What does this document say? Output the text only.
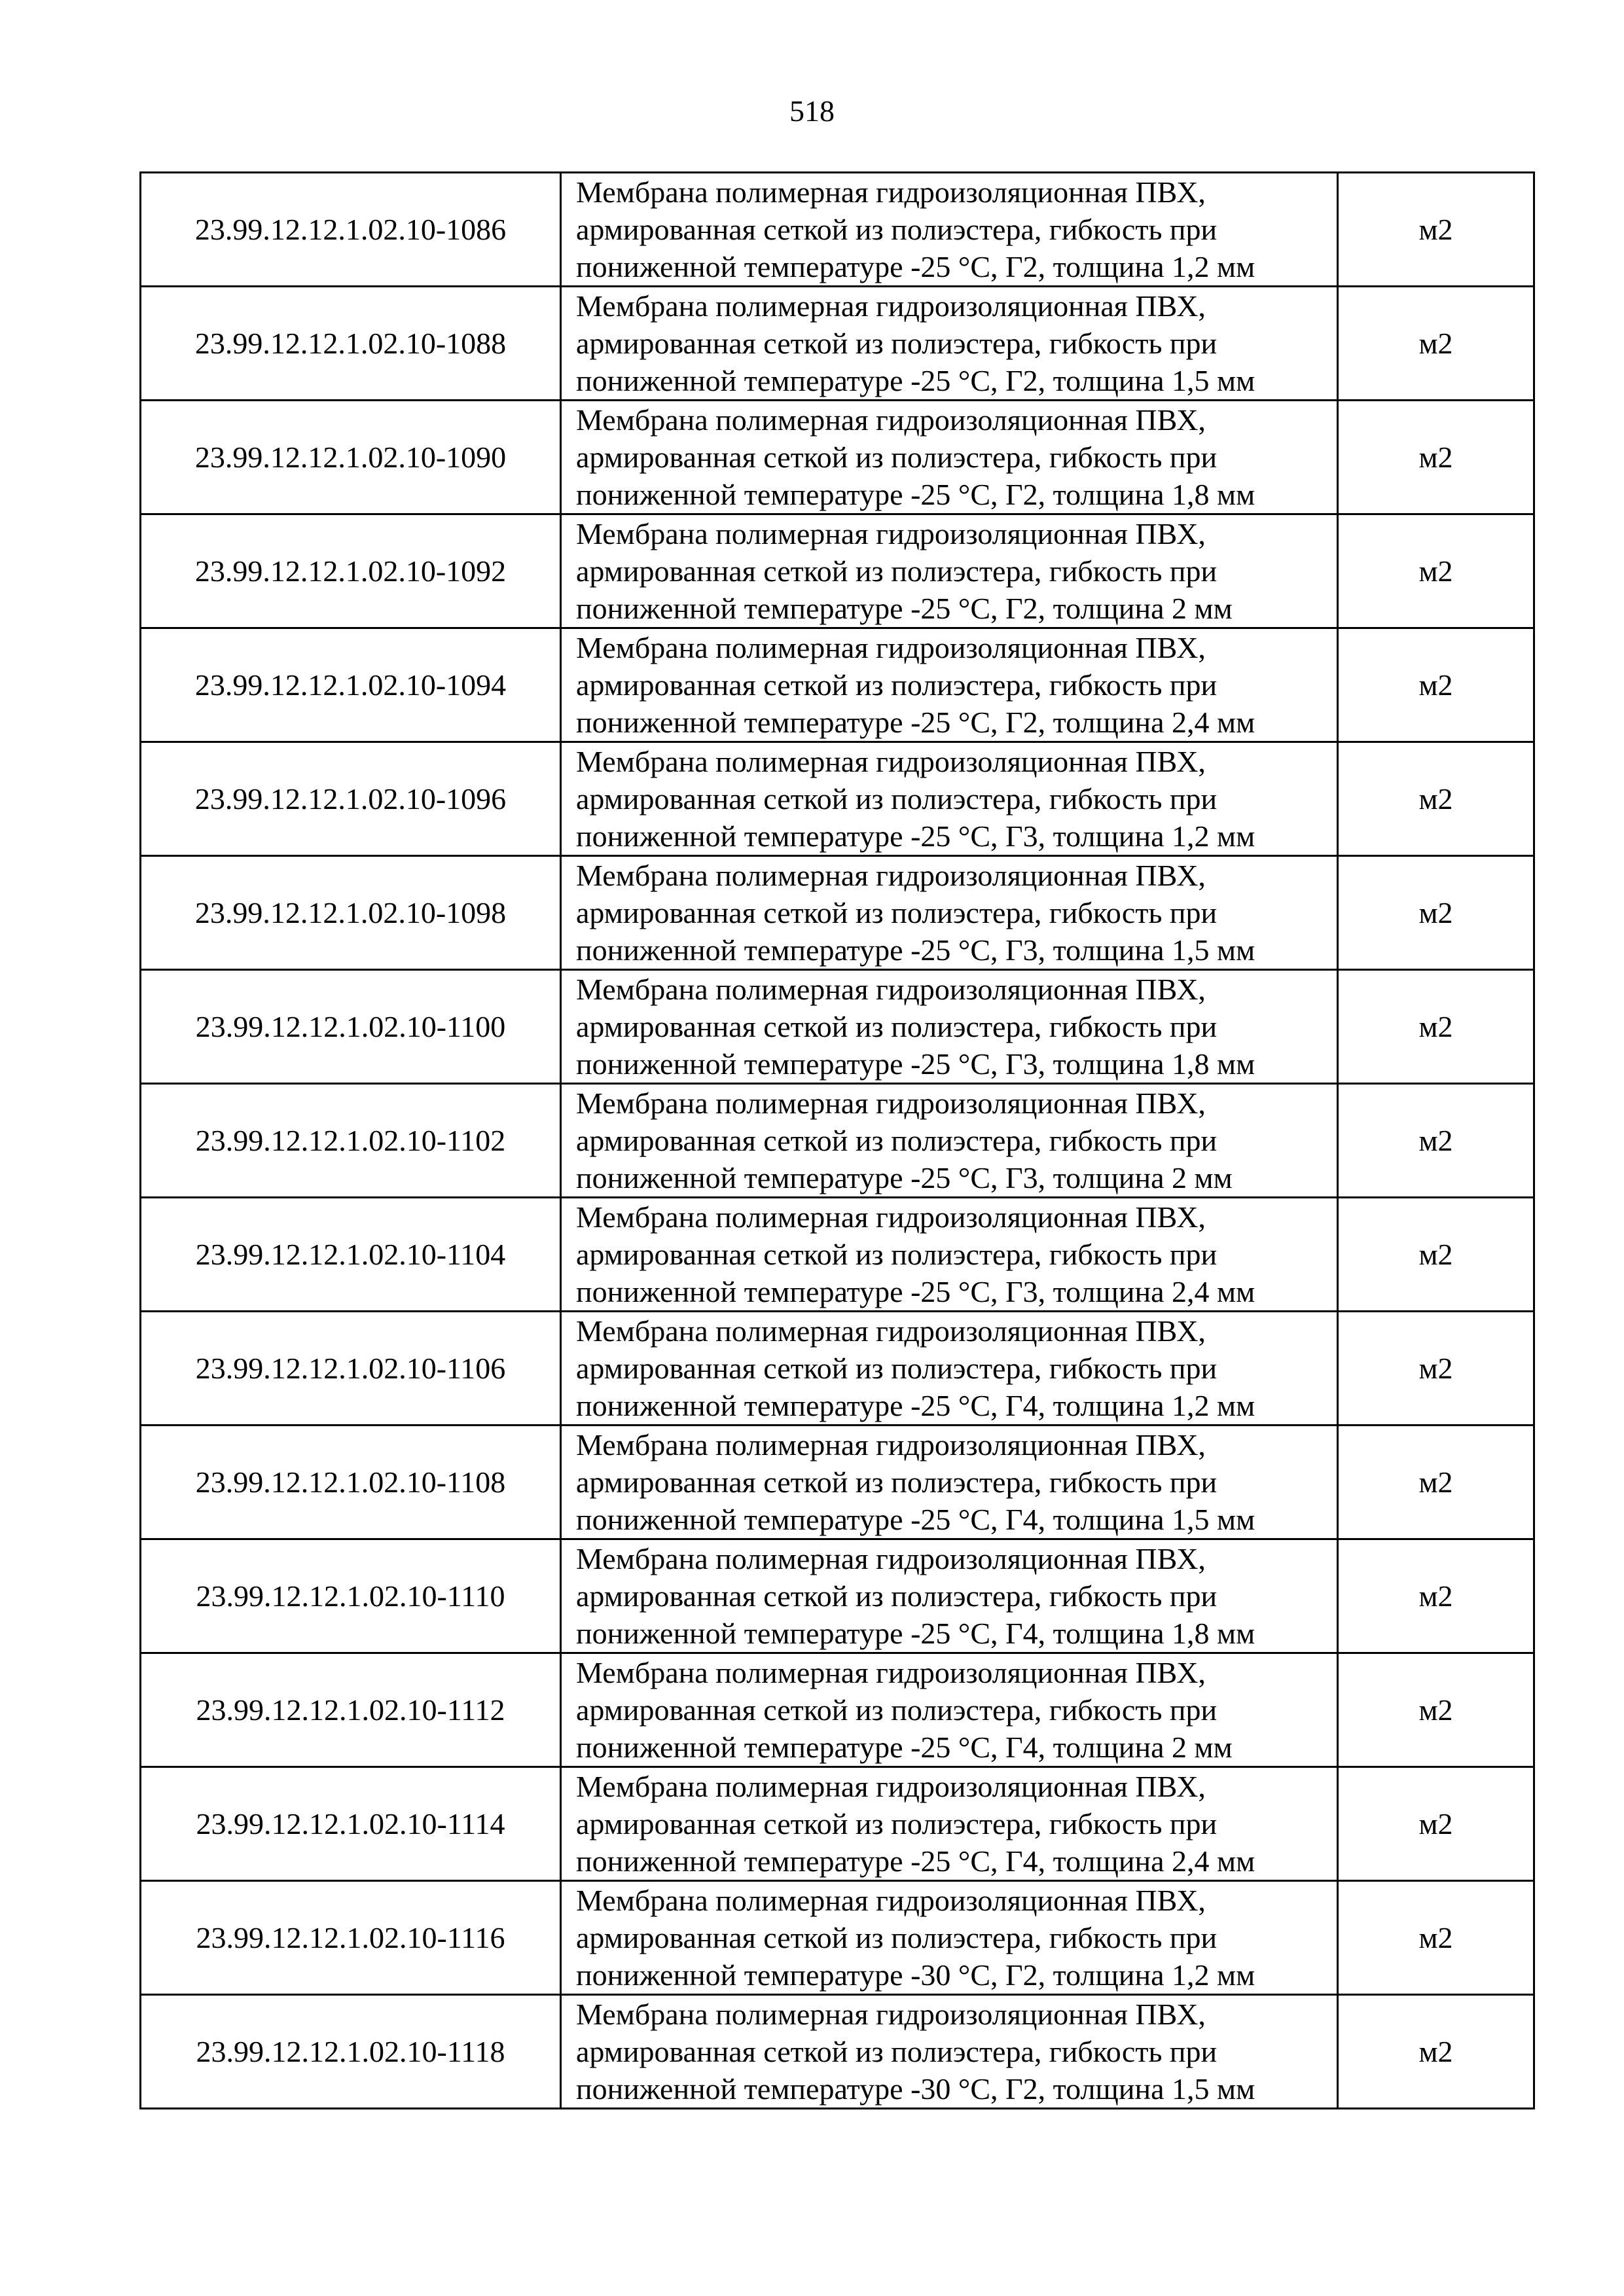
518
23.99.12.12.1.02.10-1086	Мембрана полимерная гидроизоляционная ПВХ,
армированная сеткой из полиэстера, гибкость при
пониженной температуре -25 °С, Г2, толщина 1,2 мм	м2
23.99.12.12.1.02.10-1088	Мембрана полимерная гидроизоляционная ПВХ,
армированная сеткой из полиэстера, гибкость при
пониженной температуре -25 °С, Г2, толщина 1,5 мм	м2
23.99.12.12.1.02.10-1090	Мембрана полимерная гидроизоляционная ПВХ,
армированная сеткой из полиэстера, гибкость при
пониженной температуре -25 °С, Г2, толщина 1,8 мм	м2
23.99.12.12.1.02.10-1092	Мембрана полимерная гидроизоляционная ПВХ,
армированная сеткой из полиэстера, гибкость при
пониженной температуре -25 °С, Г2, толщина 2 мм	м2
23.99.12.12.1.02.10-1094	Мембрана полимерная гидроизоляционная ПВХ,
армированная сеткой из полиэстера, гибкость при
пониженной температуре -25 °С, Г2, толщина 2,4 мм	м2
23.99.12.12.1.02.10-1096	Мембрана полимерная гидроизоляционная ПВХ,
армированная сеткой из полиэстера, гибкость при
пониженной температуре -25 °С, Г3, толщина 1,2 мм	м2
23.99.12.12.1.02.10-1098	Мембрана полимерная гидроизоляционная ПВХ,
армированная сеткой из полиэстера, гибкость при
пониженной температуре -25 °С, Г3, толщина 1,5 мм	м2
23.99.12.12.1.02.10-1100	Мембрана полимерная гидроизоляционная ПВХ,
армированная сеткой из полиэстера, гибкость при
пониженной температуре -25 °С, Г3, толщина 1,8 мм	м2
23.99.12.12.1.02.10-1102	Мембрана полимерная гидроизоляционная ПВХ,
армированная сеткой из полиэстера, гибкость при
пониженной температуре -25 °С, Г3, толщина 2 мм	м2
23.99.12.12.1.02.10-1104	Мембрана полимерная гидроизоляционная ПВХ,
армированная сеткой из полиэстера, гибкость при
пониженной температуре -25 °С, Г3, толщина 2,4 мм	м2
23.99.12.12.1.02.10-1106	Мембрана полимерная гидроизоляционная ПВХ,
армированная сеткой из полиэстера, гибкость при
пониженной температуре -25 °С, Г4, толщина 1,2 мм	м2
23.99.12.12.1.02.10-1108	Мембрана полимерная гидроизоляционная ПВХ,
армированная сеткой из полиэстера, гибкость при
пониженной температуре -25 °С, Г4, толщина 1,5 мм	м2
23.99.12.12.1.02.10-1110	Мембрана полимерная гидроизоляционная ПВХ,
армированная сеткой из полиэстера, гибкость при
пониженной температуре -25 °С, Г4, толщина 1,8 мм	м2
23.99.12.12.1.02.10-1112	Мембрана полимерная гидроизоляционная ПВХ,
армированная сеткой из полиэстера, гибкость при
пониженной температуре -25 °С, Г4, толщина 2 мм	м2
23.99.12.12.1.02.10-1114	Мембрана полимерная гидроизоляционная ПВХ,
армированная сеткой из полиэстера, гибкость при
пониженной температуре -25 °С, Г4, толщина 2,4 мм	м2
23.99.12.12.1.02.10-1116	Мембрана полимерная гидроизоляционная ПВХ,
армированная сеткой из полиэстера, гибкость при
пониженной температуре -30 °С, Г2, толщина 1,2 мм	м2
23.99.12.12.1.02.10-1118	Мембрана полимерная гидроизоляционная ПВХ,
армированная сеткой из полиэстера, гибкость при
пониженной температуре -30 °С, Г2, толщина 1,5 мм	м2
